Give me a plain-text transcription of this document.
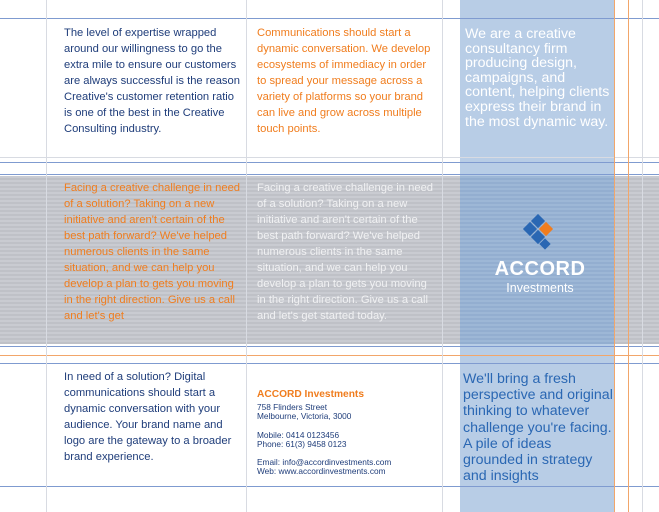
The level of expertise wrapped around our willingness to go the extra mile to ensure our customers are always successful is the reason Creative's customer retention ratio is one of the best in the Creative Consulting industry.

Communications should start a dynamic conversation. We develop ecosystems of immediacy in order to spread your message across a variety of platforms so your brand can live and grow across multiple touch points.

We are a creative consultancy firm producing design, campaigns, and content, helping clients express their brand in the most dynamic way.

Facing a creative challenge in need of a solution? Taking on a new initiative and aren't certain of the best path forward? We've helped numerous clients in the same situation, and we can help you develop a plan to gets you moving in the right direction. Give us a call and let's get

Facing a creative challenge in need of a solution? Taking on a new initiative and aren't certain of the best path forward? We've helped numerous clients in the same situation, and we can help you develop a plan to gets you moving in the right direction. Give us a call and let's get started today.

ACCORD
Investments

In need of a solution? Digital communications should start a dynamic conversation with your audience. Your brand name and logo are the gateway to a broader brand experience.

ACCORD Investments
758 Flinders Street
Melbourne, Victoria, 3000
Mobile: 0414 0123456
Phone: 61(3) 9458 0123
Email: info@accordinvestments.com
Web: www.accordinvestments.com

We'll bring a fresh perspective and original thinking to whatever challenge you're facing. A pile of ideas grounded in strategy and insights
